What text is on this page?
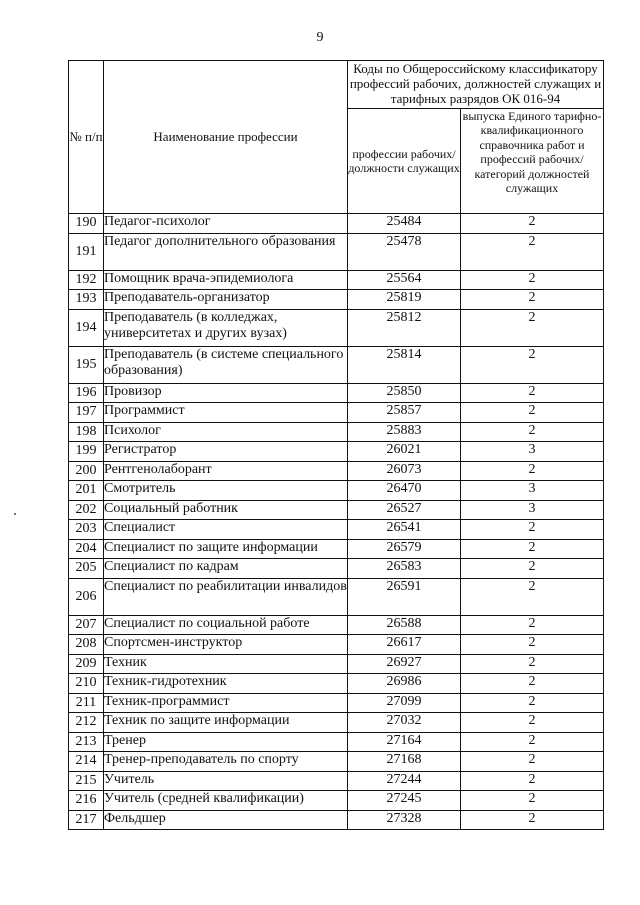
9
№ п/п	Наименование профессии	Коды по Общероссийскому классификатору профессий рабочих, должностей служащих и тарифных разрядов ОК 016-94	
		профессии рабочих/ должности служащих	выпуска Единого тарифно-квалификационного справочника работ и профессий рабочих/категорий должностей служащих
190	Педагог-психолог	25484	2
191	Педагог дополнительного образования	25478	2
192	Помощник врача-эпидемиолога	25564	2
193	Преподаватель-организатор	25819	2
194	Преподаватель (в колледжах, университетах и других вузах)	25812	2
195	Преподаватель (в системе специального образования)	25814	2
196	Провизор	25850	2
197	Программист	25857	2
198	Психолог	25883	2
199	Регистратор	26021	3
200	Рентгенолаборант	26073	2
201	Смотритель	26470	3
202	Социальный работник	26527	3
203	Специалист	26541	2
204	Специалист по защите информации	26579	2
205	Специалист по кадрам	26583	2
206	Специалист по реабилитации инвалидов	26591	2
207	Специалист по социальной работе	26588	2
208	Спортсмен-инструктор	26617	2
209	Техник	26927	2
210	Техник-гидротехник	26986	2
211	Техник-программист	27099	2
212	Техник по защите информации	27032	2
213	Тренер	27164	2
214	Тренер-преподаватель по спорту	27168	2
215	Учитель	27244	2
216	Учитель (средней квалификации)	27245	2
217	Фельдшер	27328	2
